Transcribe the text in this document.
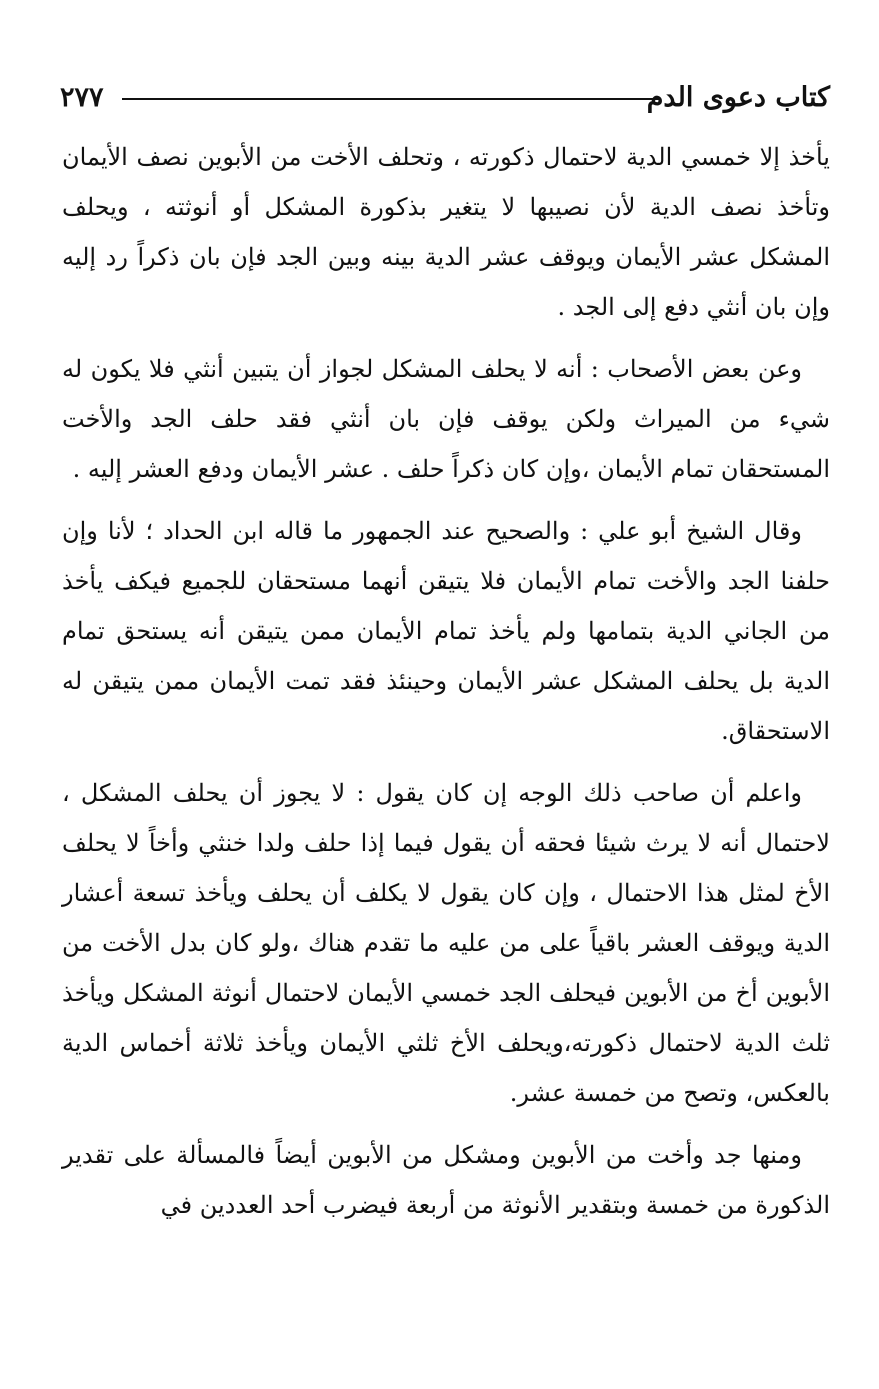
كتاب دعوى الدم
٢٧٧

يأخذ إلا خمسي الدية لاحتمال ذكورته ، وتحلف الأخت من الأبوين نصف الأيمان وتأخذ نصف الدية لأن نصيبها لا يتغير بذكورة المشكل أو أنوثته ، ويحلف المشكل عشر الأيمان ويوقف عشر الدية بينه وبين الجد فإن بان ذكراً رد إليه وإن بان أنثي دفع إلى الجد .

وعن بعض الأصحاب : أنه لا يحلف المشكل لجواز أن يتبين أنثي فلا يكون له شيء من الميراث ولكن يوقف فإن بان أنثي فقد حلف الجد والأخت المستحقان تمام الأيمان ،وإن كان ذكراً حلف . عشر الأيمان ودفع العشر إليه .

وقال الشيخ أبو علي : والصحيح عند الجمهور ما قاله ابن الحداد ؛ لأنا وإن حلفنا الجد والأخت تمام الأيمان فلا يتيقن أنهما مستحقان للجميع فيكف يأخذ من الجاني الدية بتمامها ولم يأخذ تمام الأيمان ممن يتيقن أنه يستحق تمام الدية بل يحلف المشكل عشر الأيمان وحينئذ فقد تمت الأيمان ممن يتيقن له الاستحقاق.

واعلم أن صاحب ذلك الوجه إن كان يقول : لا يجوز أن يحلف المشكل ، لاحتمال أنه لا يرث شيئا فحقه أن يقول فيما إذا حلف ولدا خنثي وأخاً لا يحلف الأخ لمثل هذا الاحتمال ، وإن كان يقول لا يكلف أن يحلف ويأخذ تسعة أعشار الدية ويوقف العشر باقياً على من عليه ما تقدم هناك ،ولو كان بدل الأخت من الأبوين أخ من الأبوين فيحلف الجد خمسي الأيمان لاحتمال أنوثة المشكل ويأخذ ثلث الدية لاحتمال ذكورته،ويحلف الأخ ثلثي الأيمان ويأخذ ثلاثة أخماس الدية بالعكس، وتصح من خمسة عشر.

ومنها جد وأخت من الأبوين ومشكل من الأبوين أيضاً فالمسألة على تقدير الذكورة من خمسة وبتقدير الأنوثة من أربعة فيضرب أحد العددين في
